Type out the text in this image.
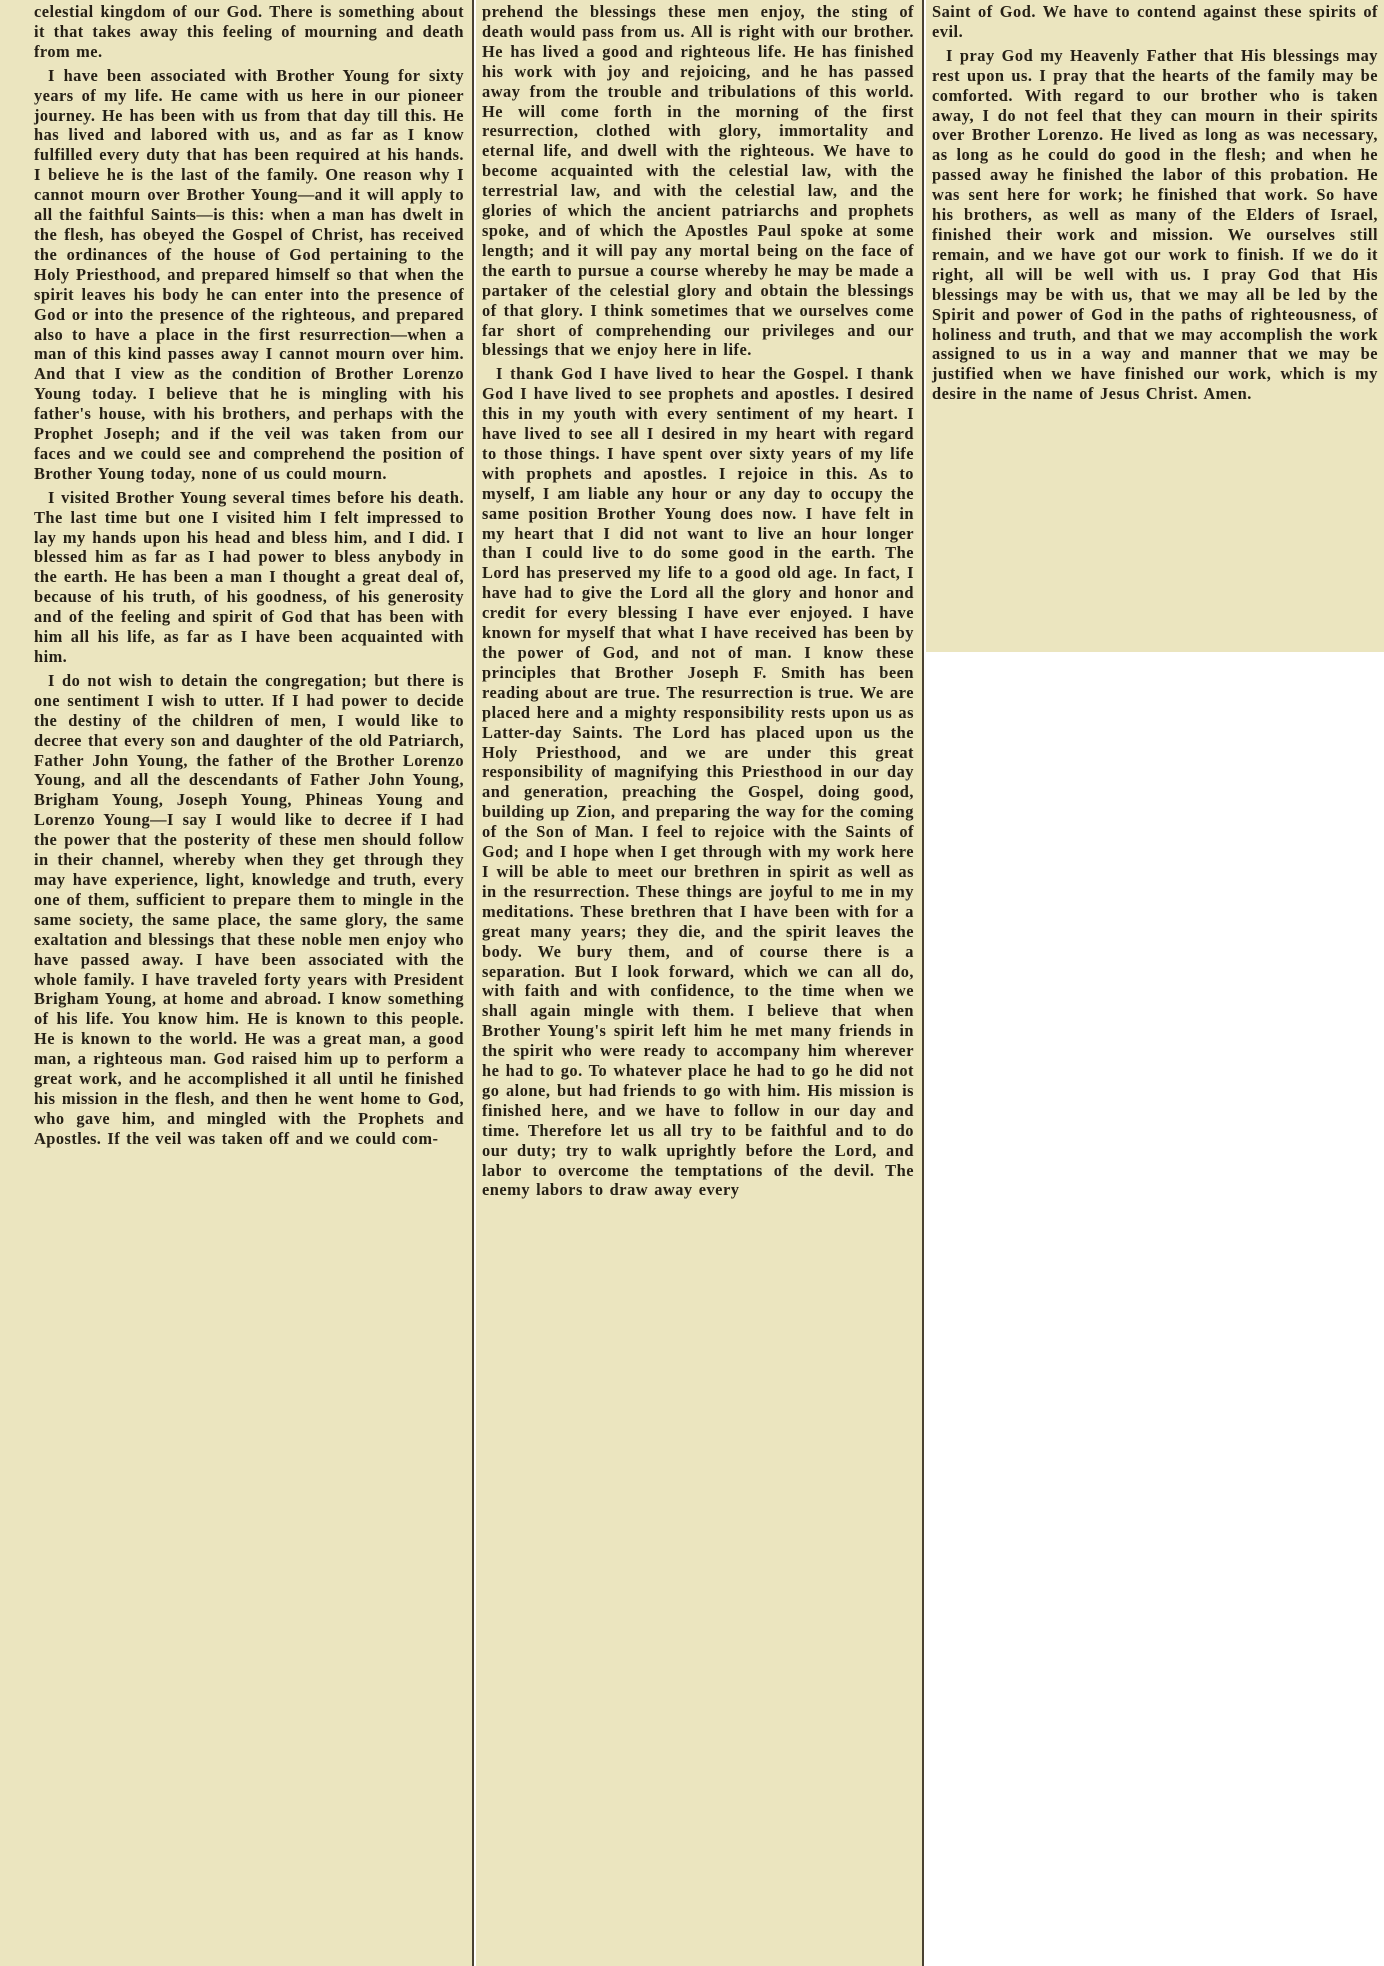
celestial kingdom of our God. There is something about it that takes away this feeling of mourning and death from me.

I have been associated with Brother Young for sixty years of my life. He came with us here in our pioneer journey. He has been with us from that day till this. He has lived and labored with us, and as far as I know fulfilled every duty that has been required at his hands. I believe he is the last of the family. One reason why I cannot mourn over Brother Young—and it will apply to all the faithful Saints—is this: when a man has dwelt in the flesh, has obeyed the Gospel of Christ, has received the ordinances of the house of God pertaining to the Holy Priesthood, and prepared himself so that when the spirit leaves his body he can enter into the presence of God or into the presence of the righteous, and prepared also to have a place in the first resurrection—when a man of this kind passes away I cannot mourn over him. And that I view as the condition of Brother Lorenzo Young today. I believe that he is mingling with his father's house, with his brothers, and perhaps with the Prophet Joseph; and if the veil was taken from our faces and we could see and comprehend the position of Brother Young today, none of us could mourn.

I visited Brother Young several times before his death. The last time but one I visited him I felt impressed to lay my hands upon his head and bless him, and I did. I blessed him as far as I had power to bless anybody in the earth. He has been a man I thought a great deal of, because of his truth, of his goodness, of his generosity and of the feeling and spirit of God that has been with him all his life, as far as I have been acquainted with him.

I do not wish to detain the congregation; but there is one sentiment I wish to utter. If I had power to decide the destiny of the children of men, I would like to decree that every son and daughter of the old Patriarch, Father John Young, the father of the Brother Lorenzo Young, and all the descendants of Father John Young, Brigham Young, Joseph Young, Phineas Young and Lorenzo Young—I say I would like to decree if I had the power that the posterity of these men should follow in their channel, whereby when they get through they may have experience, light, knowledge and truth, every one of them, sufficient to prepare them to mingle in the same society, the same place, the same glory, the same exaltation and blessings that these noble men enjoy who have passed away. I have been associated with the whole family. I have traveled forty years with President Brigham Young, at home and abroad. I know something of his life. You know him. He is known to this people. He is known to the world. He was a great man, a good man, a righteous man. God raised him up to perform a great work, and he accomplished it all until he finished his mission in the flesh, and then he went home to God, who gave him, and mingled with the Prophets and Apostles. If the veil was taken off and we could com-

prehend the blessings these men enjoy, the sting of death would pass from us. All is right with our brother. He has lived a good and righteous life. He has finished his work with joy and rejoicing, and he has passed away from the trouble and tribulations of this world. He will come forth in the morning of the first resurrection, clothed with glory, immortality and eternal life, and dwell with the righteous. We have to become acquainted with the celestial law, with the terrestrial law, and with the celestial law, and the glories of which the ancient patriarchs and prophets spoke, and of which the Apostles Paul spoke at some length; and it will pay any mortal being on the face of the earth to pursue a course whereby he may be made a partaker of the celestial glory and obtain the blessings of that glory. I think sometimes that we ourselves come far short of comprehending our privileges and our blessings that we enjoy here in life.

I thank God I have lived to hear the Gospel. I thank God I have lived to see prophets and apostles. I desired this in my youth with every sentiment of my heart. I have lived to see all I desired in my heart with regard to those things. I have spent over sixty years of my life with prophets and apostles. I rejoice in this. As to myself, I am liable any hour or any day to occupy the same position Brother Young does now. I have felt in my heart that I did not want to live an hour longer than I could live to do some good in the earth. The Lord has preserved my life to a good old age. In fact, I have had to give the Lord all the glory and honor and credit for every blessing I have ever enjoyed. I have known for myself that what I have received has been by the power of God, and not of man. I know these principles that Brother Joseph F. Smith has been reading about are true. The resurrection is true. We are placed here and a mighty responsibility rests upon us as Latter-day Saints. The Lord has placed upon us the Holy Priesthood, and we are under this great responsibility of magnifying this Priesthood in our day and generation, preaching the Gospel, doing good, building up Zion, and preparing the way for the coming of the Son of Man. I feel to rejoice with the Saints of God; and I hope when I get through with my work here I will be able to meet our brethren in spirit as well as in the resurrection. These things are joyful to me in my meditations. These brethren that I have been with for a great many years; they die, and the spirit leaves the body. We bury them, and of course there is a separation. But I look forward, which we can all do, with faith and with confidence, to the time when we shall again mingle with them. I believe that when Brother Young's spirit left him he met many friends in the spirit who were ready to accompany him wherever he had to go. To whatever place he had to go he did not go alone, but had friends to go with him. His mission is finished here, and we have to follow in our day and time. Therefore let us all try to be faithful and to do our duty; try to walk uprightly before the Lord, and labor to overcome the temptations of the devil. The enemy labors to draw away every

Saint of God. We have to contend against these spirits of evil.

I pray God my Heavenly Father that His blessings may rest upon us. I pray that the hearts of the family may be comforted. With regard to our brother who is taken away, I do not feel that they can mourn in their spirits over Brother Lorenzo. He lived as long as was necessary, as long as he could do good in the flesh; and when he passed away he finished the labor of this probation. He was sent here for work; he finished that work. So have his brothers, as well as many of the Elders of Israel, finished their work and mission. We ourselves still remain, and we have got our work to finish. If we do it right, all will be well with us. I pray God that His blessings may be with us, that we may all be led by the Spirit and power of God in the paths of righteousness, of holiness and truth, and that we may accomplish the work assigned to us in a way and manner that we may be justified when we have finished our work, which is my desire in the name of Jesus Christ. Amen.
